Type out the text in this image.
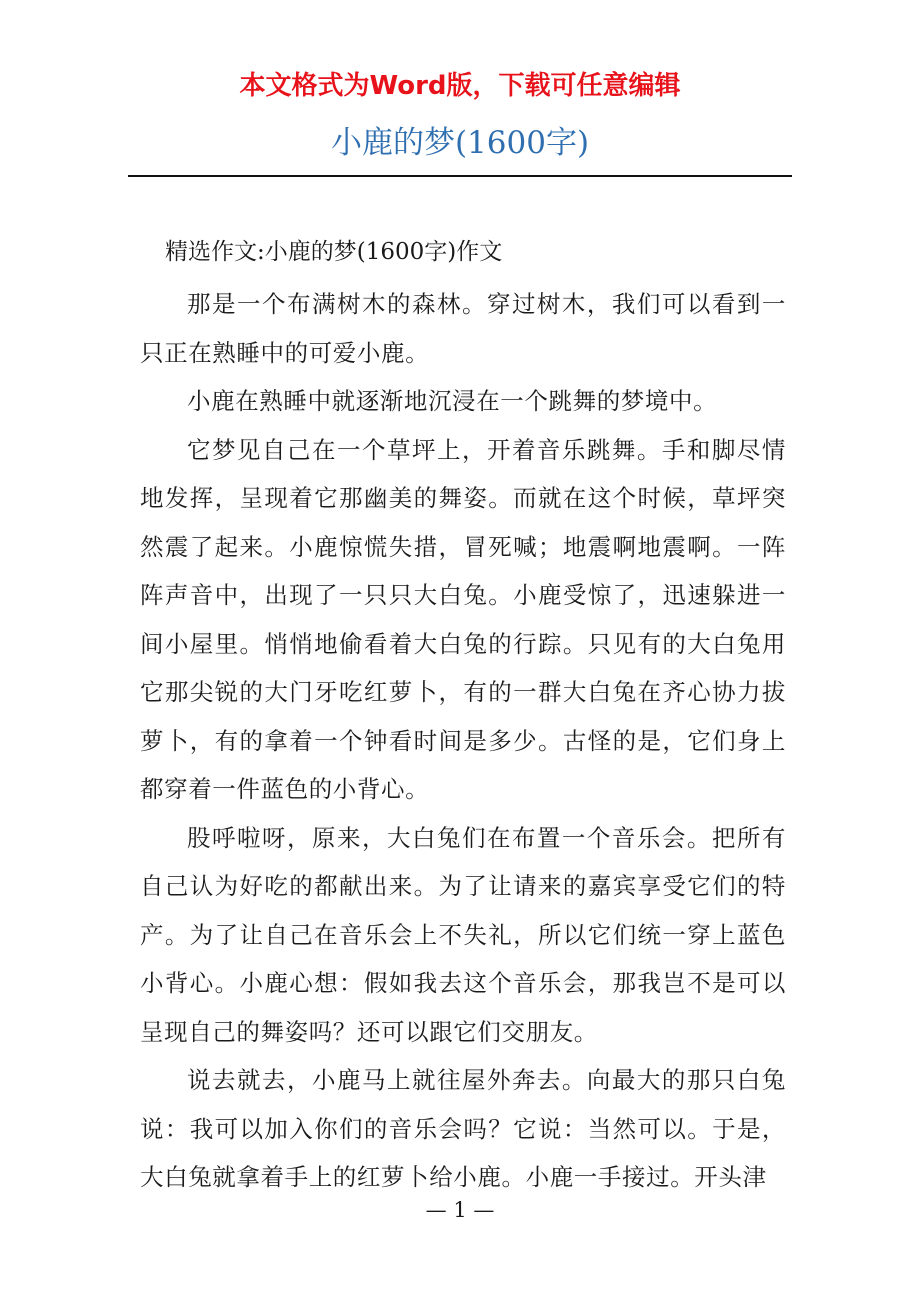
本文格式为Word版，下载可任意编辑
小鹿的梦(1600字)
精选作文:小鹿的梦(1600字)作文

那是一个布满树木的森林。穿过树木，我们可以看到一只正在熟睡中的可爱小鹿。

小鹿在熟睡中就逐渐地沉浸在一个跳舞的梦境中。

它梦见自己在一个草坪上，开着音乐跳舞。手和脚尽情地发挥，呈现着它那幽美的舞姿。而就在这个时候，草坪突然震了起来。小鹿惊慌失措，冒死喊；地震啊地震啊。一阵阵声音中，出现了一只只大白兔。小鹿受惊了，迅速躲进一间小屋里。悄悄地偷看着大白兔的行踪。只见有的大白兔用它那尖锐的大门牙吃红萝卜，有的一群大白兔在齐心协力拔萝卜，有的拿着一个钟看时间是多少。古怪的是，它们身上都穿着一件蓝色的小背心。

股呼啦呀，原来，大白兔们在布置一个音乐会。把所有自己认为好吃的都献出来。为了让请来的嘉宾享受它们的特产。为了让自己在音乐会上不失礼，所以它们统一穿上蓝色小背心。小鹿心想：假如我去这个音乐会，那我岂不是可以呈现自己的舞姿吗？还可以跟它们交朋友。

说去就去，小鹿马上就往屋外奔去。向最大的那只白兔说：我可以加入你们的音乐会吗？它说：当然可以。于是，大白兔就拿着手上的红萝卜给小鹿。小鹿一手接过。开头津

— 1 —
